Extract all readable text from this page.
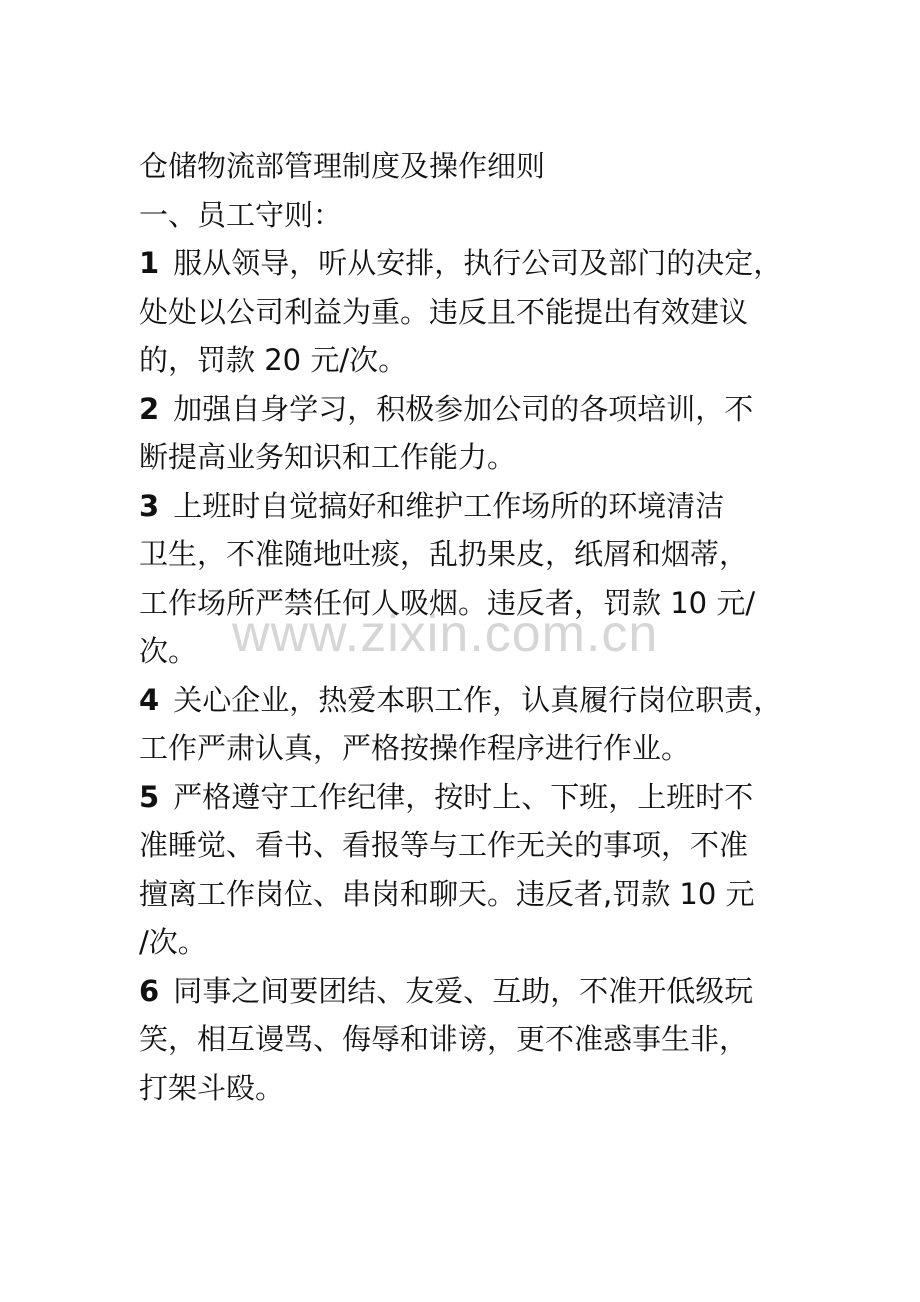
www.zixin.com.cn

仓储物流部管理制度及操作细则

一、员工守则：

1 服从领导，听从安排，执行公司及部门的决定，

处处以公司利益为重。违反且不能提出有效建议

的，罚款 20 元/次。

2 加强自身学习，积极参加公司的各项培训，不

断提高业务知识和工作能力。

3 上班时自觉搞好和维护工作场所的环境清洁

卫生，不准随地吐痰，乱扔果皮，纸屑和烟蒂，

工作场所严禁任何人吸烟。违反者，罚款 10 元/

次。

4 关心企业，热爱本职工作，认真履行岗位职责，

工作严肃认真，严格按操作程序进行作业。

5 严格遵守工作纪律，按时上、下班，上班时不

准睡觉、看书、看报等与工作无关的事项，不准

擅离工作岗位、串岗和聊天。违反者,罚款 10 元

/次。

6 同事之间要团结、友爱、互助，不准开低级玩

笑，相互谩骂、侮辱和诽谤，更不准惑事生非，

打架斗殴。
